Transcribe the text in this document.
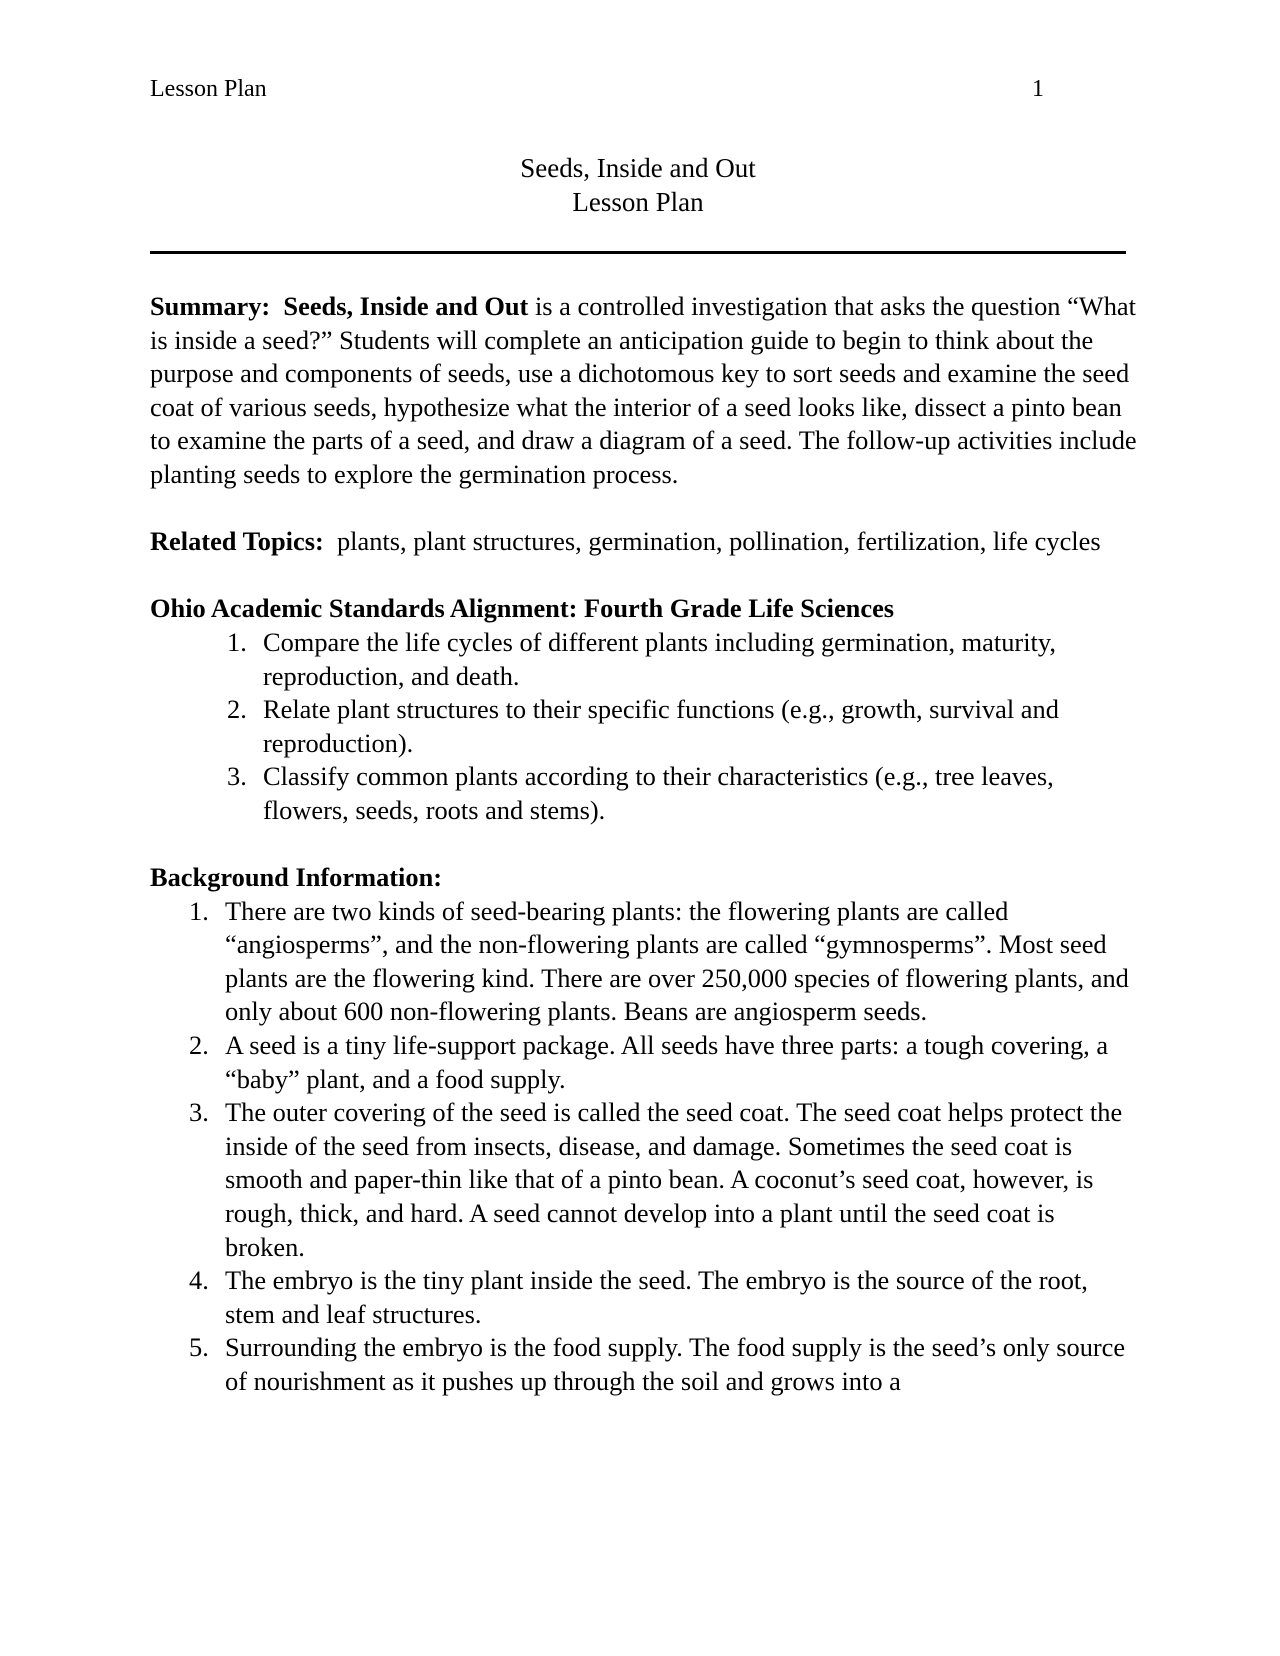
Lesson Plan	1
Seeds, Inside and Out
Lesson Plan

Summary: Seeds, Inside and Out is a controlled investigation that asks the question “What is inside a seed?” Students will complete an anticipation guide to begin to think about the purpose and components of seeds, use a dichotomous key to sort seeds and examine the seed coat of various seeds, hypothesize what the interior of a seed looks like, dissect a pinto bean to examine the parts of a seed, and draw a diagram of a seed. The follow-up activities include planting seeds to explore the germination process.

Related Topics: plants, plant structures, germination, pollination, fertilization, life cycles

Ohio Academic Standards Alignment: Fourth Grade Life Sciences

1. Compare the life cycles of different plants including germination, maturity, reproduction, and death.
2. Relate plant structures to their specific functions (e.g., growth, survival and reproduction).
3. Classify common plants according to their characteristics (e.g., tree leaves, flowers, seeds, roots and stems).

Background Information:

1. There are two kinds of seed-bearing plants: the flowering plants are called “angiosperms”, and the non-flowering plants are called “gymnosperms”. Most seed plants are the flowering kind. There are over 250,000 species of flowering plants, and only about 600 non-flowering plants. Beans are angiosperm seeds.
2. A seed is a tiny life-support package. All seeds have three parts: a tough covering, a “baby” plant, and a food supply.
3. The outer covering of the seed is called the seed coat. The seed coat helps protect the inside of the seed from insects, disease, and damage. Sometimes the seed coat is smooth and paper-thin like that of a pinto bean. A coconut’s seed coat, however, is rough, thick, and hard. A seed cannot develop into a plant until the seed coat is broken.
4. The embryo is the tiny plant inside the seed. The embryo is the source of the root, stem and leaf structures.
5. Surrounding the embryo is the food supply. The food supply is the seed’s only source of nourishment as it pushes up through the soil and grows into a
